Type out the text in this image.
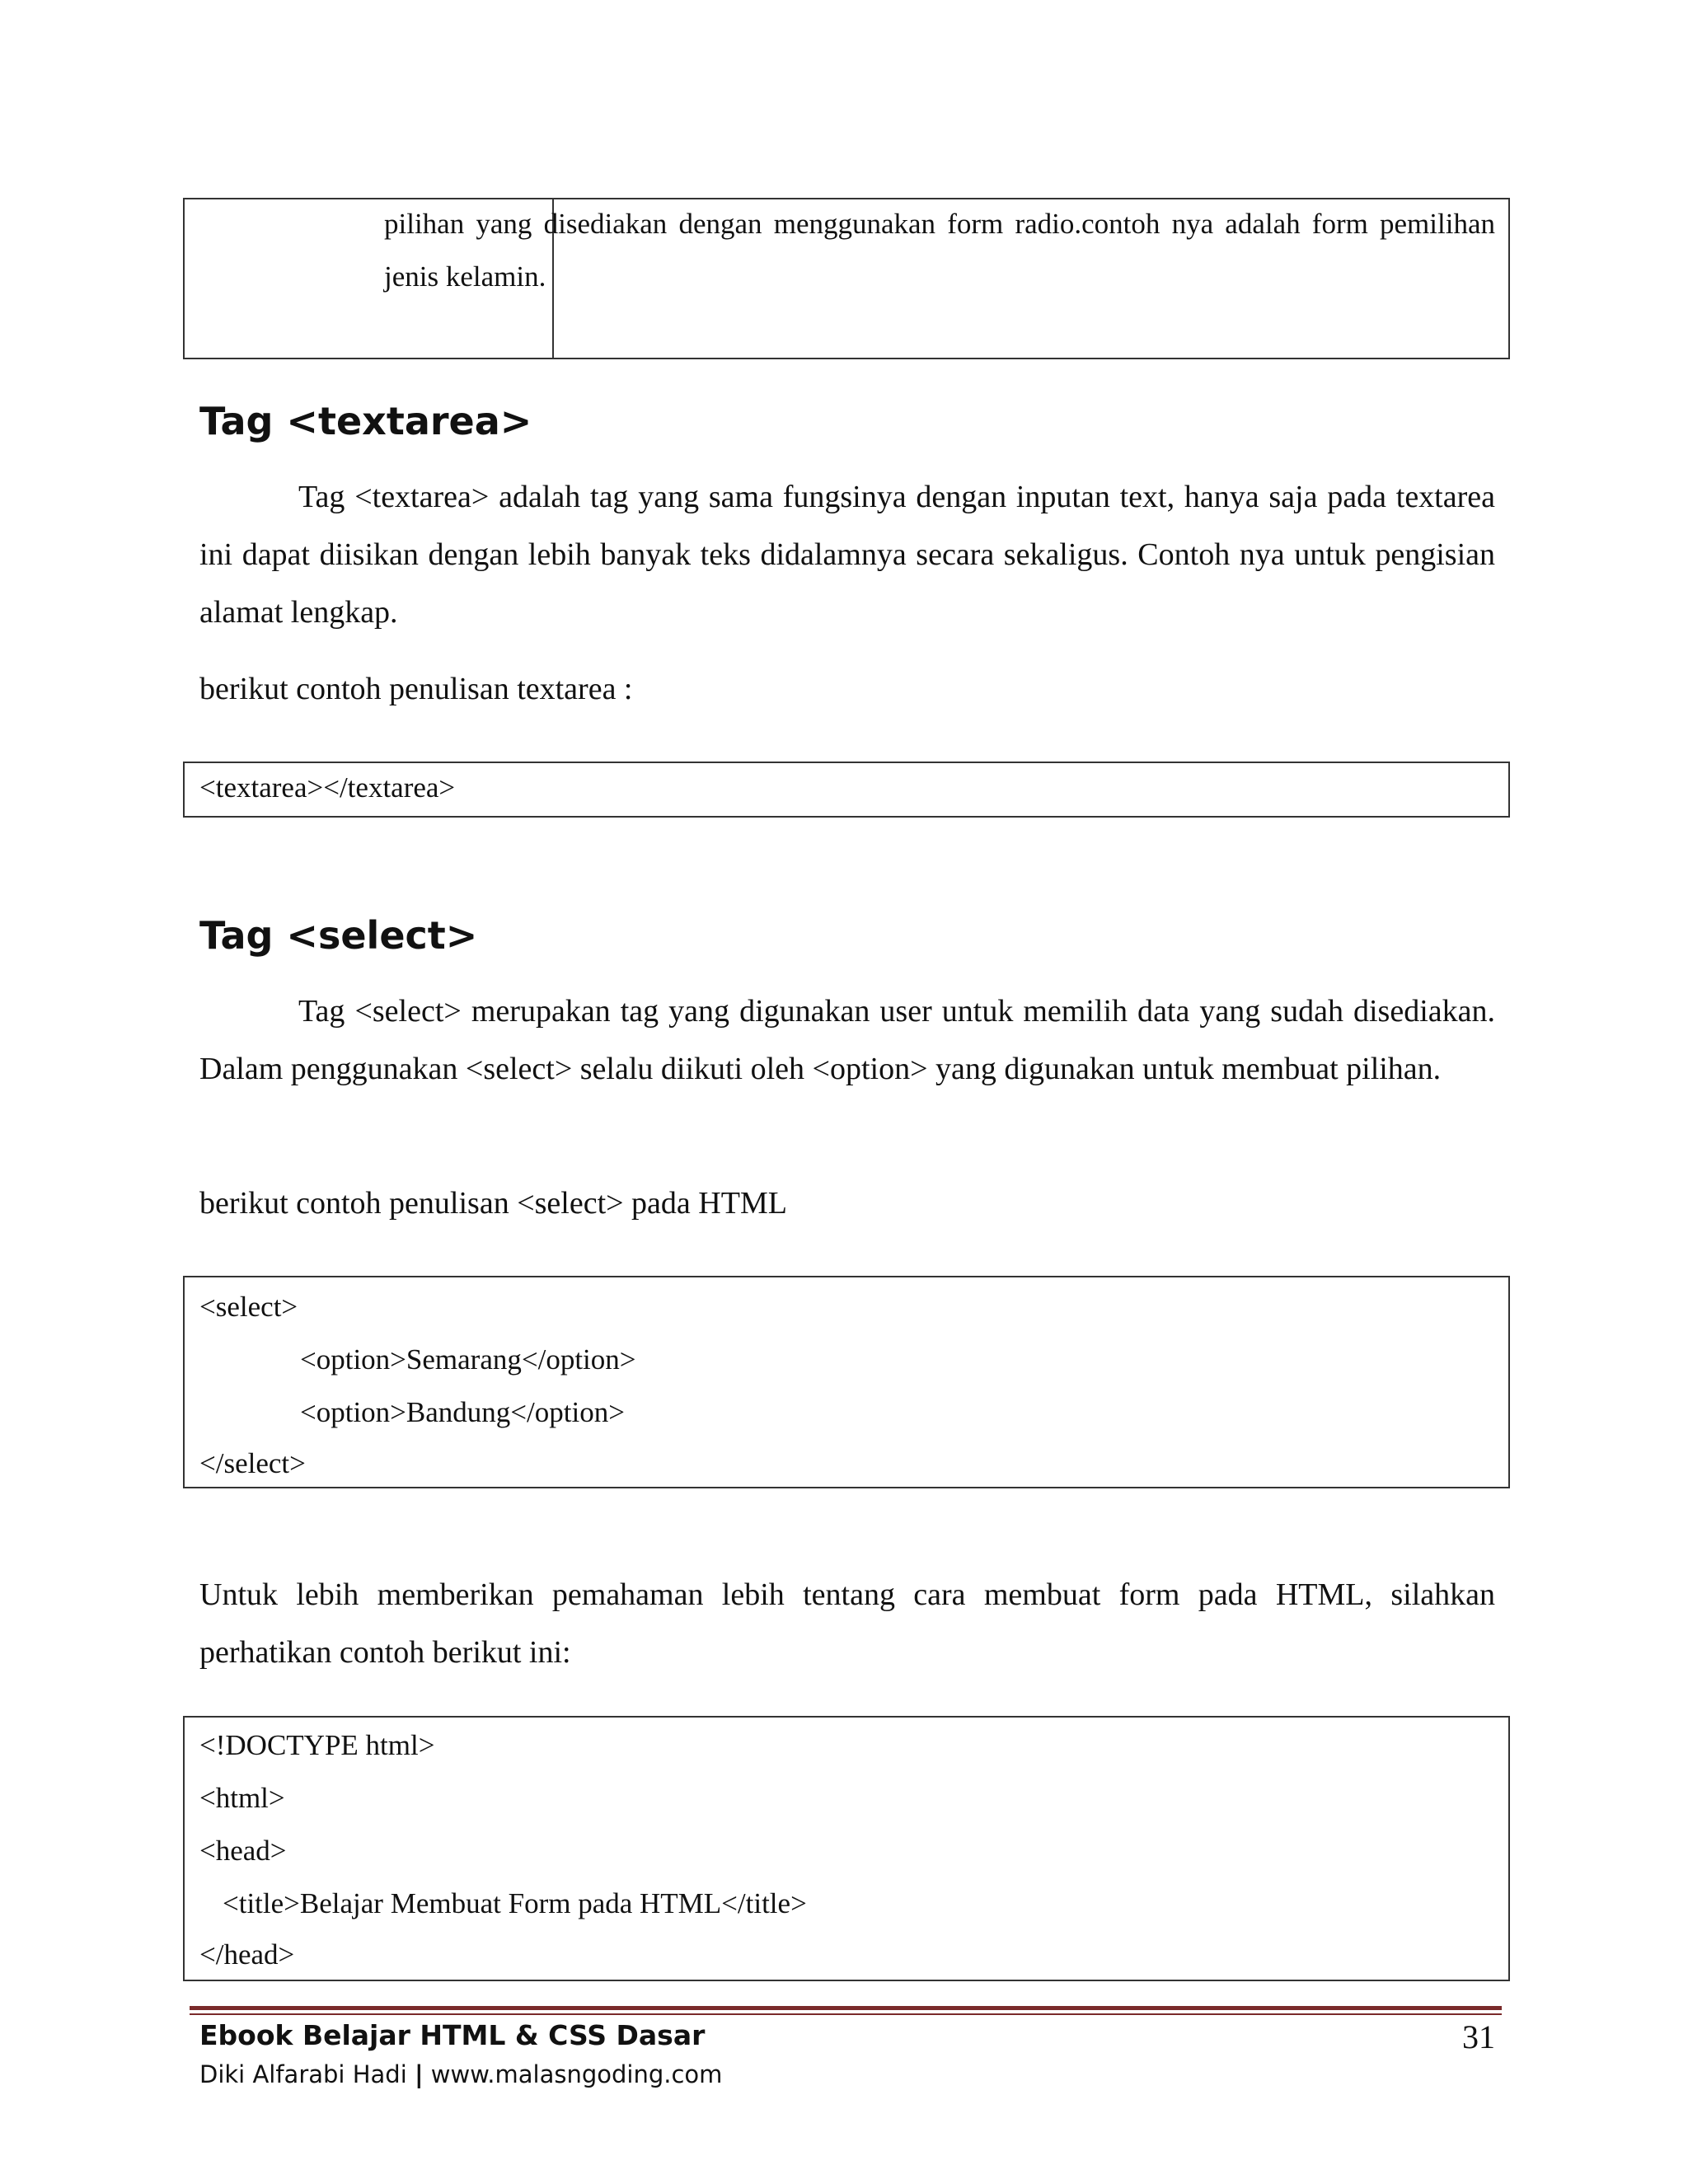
pilihan yang disediakan dengan menggunakan form radio.contoh nya adalah form pemilihan jenis kelamin.
Tag <textarea>
Tag <textarea> adalah tag yang sama fungsinya dengan inputan text, hanya saja pada textarea ini dapat diisikan dengan lebih banyak teks didalamnya secara sekaligus. Contoh nya untuk pengisian alamat lengkap.
berikut contoh penulisan textarea :
<textarea></textarea>
Tag <select>
Tag <select> merupakan tag yang digunakan user untuk memilih data yang sudah disediakan. Dalam penggunakan <select> selalu diikuti oleh <option> yang digunakan untuk membuat pilihan.
berikut contoh penulisan <select> pada HTML
<select>
<option>Semarang</option>
<option>Bandung</option>
</select>
Untuk lebih memberikan pemahaman lebih tentang cara membuat form pada HTML, silahkan perhatikan contoh berikut ini:
<!DOCTYPE html>
<html>
<head>
<title>Belajar Membuat Form pada HTML</title>
</head>
Ebook Belajar HTML & CSS Dasar
Diki Alfarabi Hadi | www.malasngoding.com
31
